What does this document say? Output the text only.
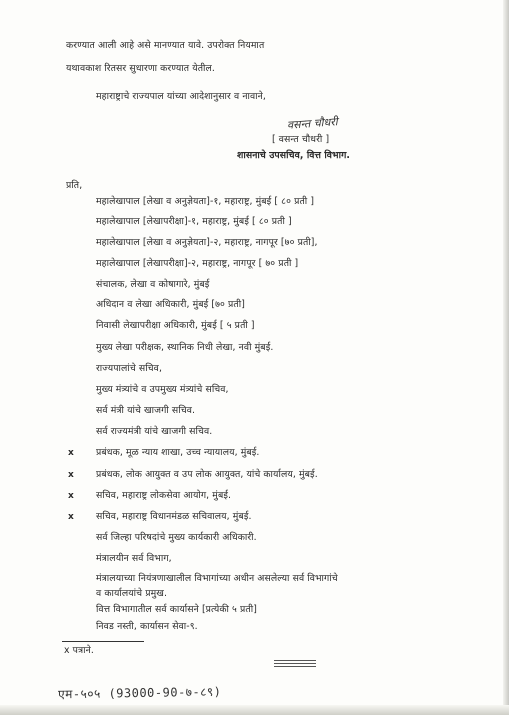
करण्यात आली आहे असे मानण्यात यावे. उपरोक्त नियमात
यथावकाश रितसर सुधारणा करण्यात येतील.
महाराष्ट्राचे राज्यपाल यांच्या आदेशानुसार व नावाने,
वसन्त चौधरी
[ वसन्त चौधरी ]
शासनाचे उपसचिव, वित्त विभाग.
प्रति,
महालेखापाल [लेखा व अनुज्ञेयता]-१, महाराष्ट्र, मुंबई [ ८० प्रती ]
महालेखापाल [लेखापरीक्षा]-१, महाराष्ट्र, मुंबई [ ८० प्रती ]
महालेखापाल [लेखा व अनुज्ञेयता]-२, महाराष्ट्र, नागपूर [७० प्रती],
महालेखापाल [लेखापरीक्षा]-२, महाराष्ट्र, नागपूर [ ७० प्रती ]
संचालक, लेखा व कोषागारे, मुंबई
अधिदान व लेखा अधिकारी, मुंबई [७० प्रती]
निवासी लेखापरीक्षा अधिकारी, मुंबई [ ५ प्रती ]
मुख्य लेखा परीक्षक, स्थानिक निधी लेखा, नवी मुंबई.
राज्यपालांचे सचिव,
मुख्य मंत्र्यांचे व उपमुख्य मंत्र्यांचे सचिव,
सर्व मंत्री यांचे खाजगी सचिव.
सर्व राज्यमंत्री यांचे खाजगी सचिव.
x प्रबंधक, मूळ न्याय शाखा, उच्च न्यायालय, मुंबई.
x प्रबंधक, लोक आयुक्त व उप लोक आयुक्त, यांचे कार्यालय, मुंबई.
x सचिव, महाराष्ट्र लोकसेवा आयोग, मुंबई.
x सचिव, महाराष्ट्र विधानमंडळ सचिवालय, मुंबई.
सर्व जिल्हा परिषदांचे मुख्य कार्यकारी अधिकारी.
मंत्रालयीन सर्व विभाग,
मंत्रालयाच्या नियंत्रणाखालील विभागांच्या अधीन असलेल्या सर्व विभागांचे
व कार्यालयांचे प्रमुख.
वित्त विभागातील सर्व कार्यासने [प्रत्येकी ५ प्रती]
निवड नस्ती, कार्यासन सेवा-९.
x पत्राने.
एम-५०५ (93000-90-७-८९)
